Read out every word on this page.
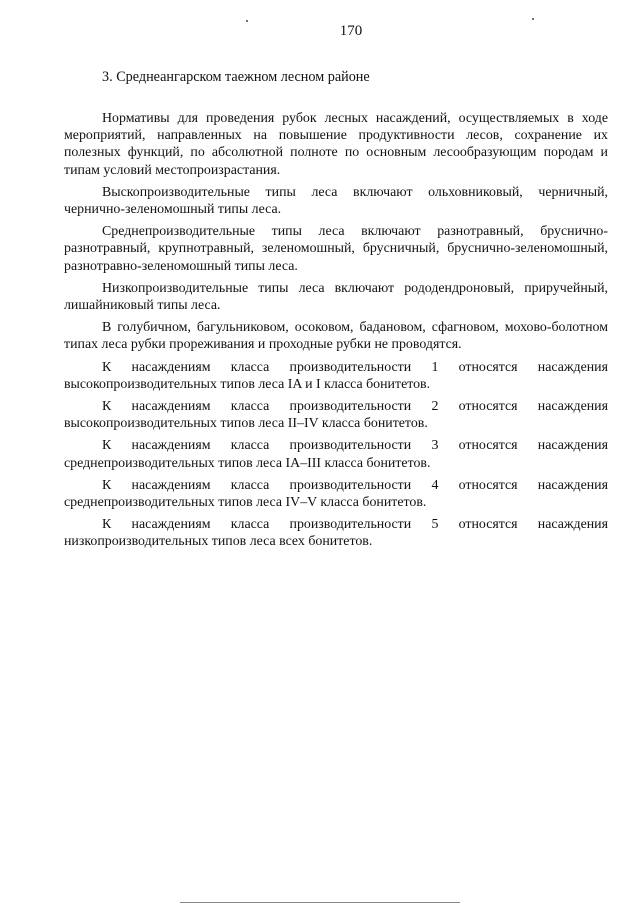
170
3. Среднеангарском таежном лесном районе

Нормативы для проведения рубок лесных насаждений, осуществляемых в ходе мероприятий, направленных на повышение продуктивности лесов, сохранение их полезных функций, по абсолютной полноте по основным лесообразующим породам и типам условий местопроизрастания.

Выскопроизводительные типы леса включают ольховниковый, черничный, чернично-зеленомошный типы леса.

Среднепроизводительные типы леса включают разнотравный, бруснично-разнотравный, крупнотравный, зеленомошный, брусничный, бруснично-зеленомошный, разнотравно-зеленомошный типы леса.

Низкопроизводительные типы леса включают рододендроновый, приручейный, лишайниковый типы леса.

В голубичном, багульниковом, осоковом, бадановом, сфагновом, мохово-болотном типах леса рубки прореживания и проходные рубки не проводятся.

К насаждениям класса производительности 1 относятся насаждения высокопроизводительных типов леса IA и I класса бонитетов.

К насаждениям класса производительности 2 относятся насаждения высокопроизводительных типов леса II–IV класса бонитетов.

К насаждениям класса производительности 3 относятся насаждения среднепроизводительных типов леса IA–III класса бонитетов.

К насаждениям класса производительности 4 относятся насаждения среднепроизводительных типов леса IV–V класса бонитетов.

К насаждениям класса производительности 5 относятся насаждения низкопроизводительных типов леса всех бонитетов.
